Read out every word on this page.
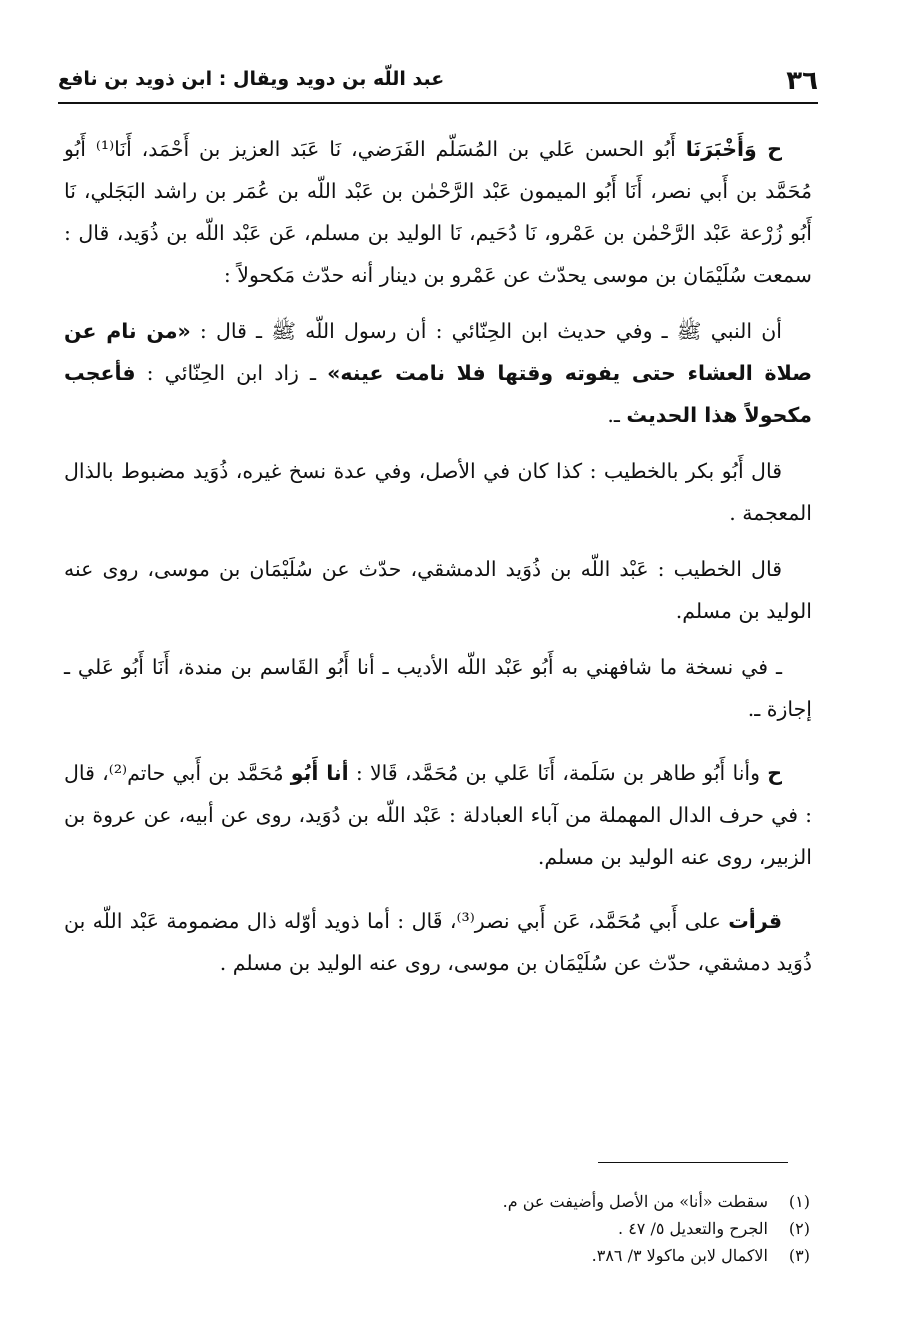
٣٦
عبد اللّه بن دويد ويقال : ابن ذويد بن نافع

ح وَأَخْبَرَنَا أَبُو الحسن عَلي بن المُسَلّم الفَرَضي، نَا عَبَد العزيز بن أَحْمَد، أَنَا⁽¹⁾ أَبُو مُحَمَّد بن أَبي نصر، أَنَا أَبُو الميمون عَبْد الرَّحْمٰن بن عَبْد اللّه بن عُمَر بن راشد البَجَلي، نَا أَبُو زُرْعة عَبْد الرَّحْمٰن بن عَمْرو، نَا دُحَيم، نَا الوليد بن مسلم، عَن عَبْد اللّه بن ذُوَيد، قال : سمعت سُلَيْمَان بن موسى يحدّث عن عَمْرو بن دينار أنه حدّث مَكحولاً :

أن النبي ﷺ ـ وفي حديث ابن الحِنّائي : أن رسول اللّه ﷺ ـ قال : «من نام عن صلاة العشاء حتى يفوته وقتها فلا نامت عينه» ـ زاد ابن الحِنّائي : فأعجب مكحولاً هذا الحديث ـ.

قال أَبُو بكر بالخطيب : كذا كان في الأصل، وفي عدة نسخ غيره، ذُوَيد مضبوط بالذال المعجمة .

قال الخطيب : عَبْد اللّه بن ذُوَيد الدمشقي، حدّث عن سُلَيْمَان بن موسى، روى عنه الوليد بن مسلم.

ـ في نسخة ما شافهني به أَبُو عَبْد اللّه الأديب ـ أنا أَبُو القَاسم بن مندة، أَنَا أَبُو عَلي ـ إجازة ـ.

ح وأنا أَبُو طاهر بن سَلَمة، أَنَا عَلي بن مُحَمَّد، قَالا : أنا أَبُو مُحَمَّد بن أَبي حاتم⁽²⁾، قال : في حرف الدال المهملة من آباء العبادلة : عَبْد اللّه بن دُوَيد، روى عن أبيه، عن عروة بن الزبير، روى عنه الوليد بن مسلم.

قرأت على أَبي مُحَمَّد، عَن أَبي نصر⁽³⁾، قَال : أما ذويد أوّله ذال مضمومة عَبْد اللّه بن ذُوَيد دمشقي، حدّث عن سُلَيْمَان بن موسى، روى عنه الوليد بن مسلم .

(١)سقطت «أنا» من الأصل وأضيفت عن م.
(٢)الجرح والتعديل ٥/ ٤٧ .
(٣)الاكمال لابن ماكولا ٣/ ٣٨٦.
